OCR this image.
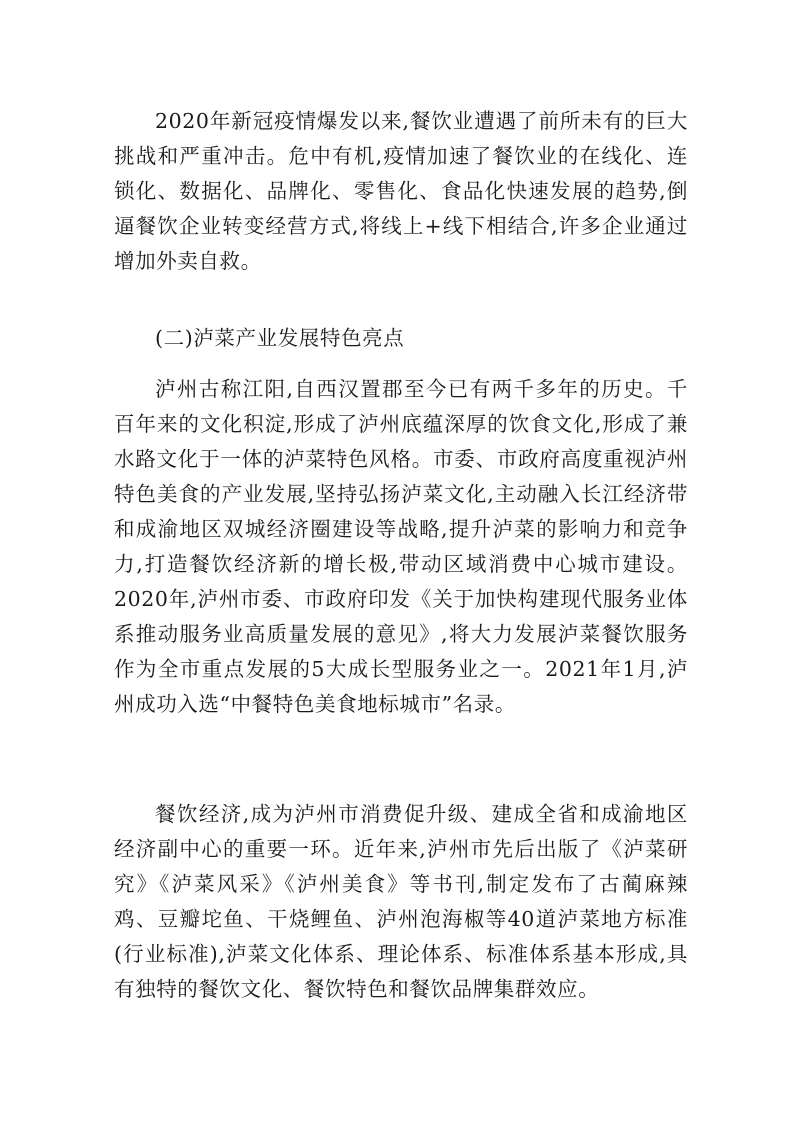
2020年新冠疫情爆发以来,餐饮业遭遇了前所未有的巨大挑战和严重冲击。危中有机,疫情加速了餐饮业的在线化、连锁化、数据化、品牌化、零售化、食品化快速发展的趋势,倒逼餐饮企业转变经营方式,将线上+线下相结合,许多企业通过增加外卖自救。

(二)泸菜产业发展特色亮点

泸州古称江阳,自西汉置郡至今已有两千多年的历史。千百年来的文化积淀,形成了泸州底蕴深厚的饮食文化,形成了兼水路文化于一体的泸菜特色风格。市委、市政府高度重视泸州特色美食的产业发展,坚持弘扬泸菜文化,主动融入长江经济带和成渝地区双城经济圈建设等战略,提升泸菜的影响力和竞争力,打造餐饮经济新的增长极,带动区域消费中心城市建设。2020年,泸州市委、市政府印发《关于加快构建现代服务业体系推动服务业高质量发展的意见》,将大力发展泸菜餐饮服务作为全市重点发展的5大成长型服务业之一。2021年1月,泸州成功入选“中餐特色美食地标城市”名录。

餐饮经济,成为泸州市消费促升级、建成全省和成渝地区经济副中心的重要一环。近年来,泸州市先后出版了《泸菜研究》《泸菜风采》《泸州美食》等书刊,制定发布了古蔺麻辣鸡、豆瓣坨鱼、干烧鲤鱼、泸州泡海椒等40道泸菜地方标准(行业标准),泸菜文化体系、理论体系、标准体系基本形成,具有独特的餐饮文化、餐饮特色和餐饮品牌集群效应。
